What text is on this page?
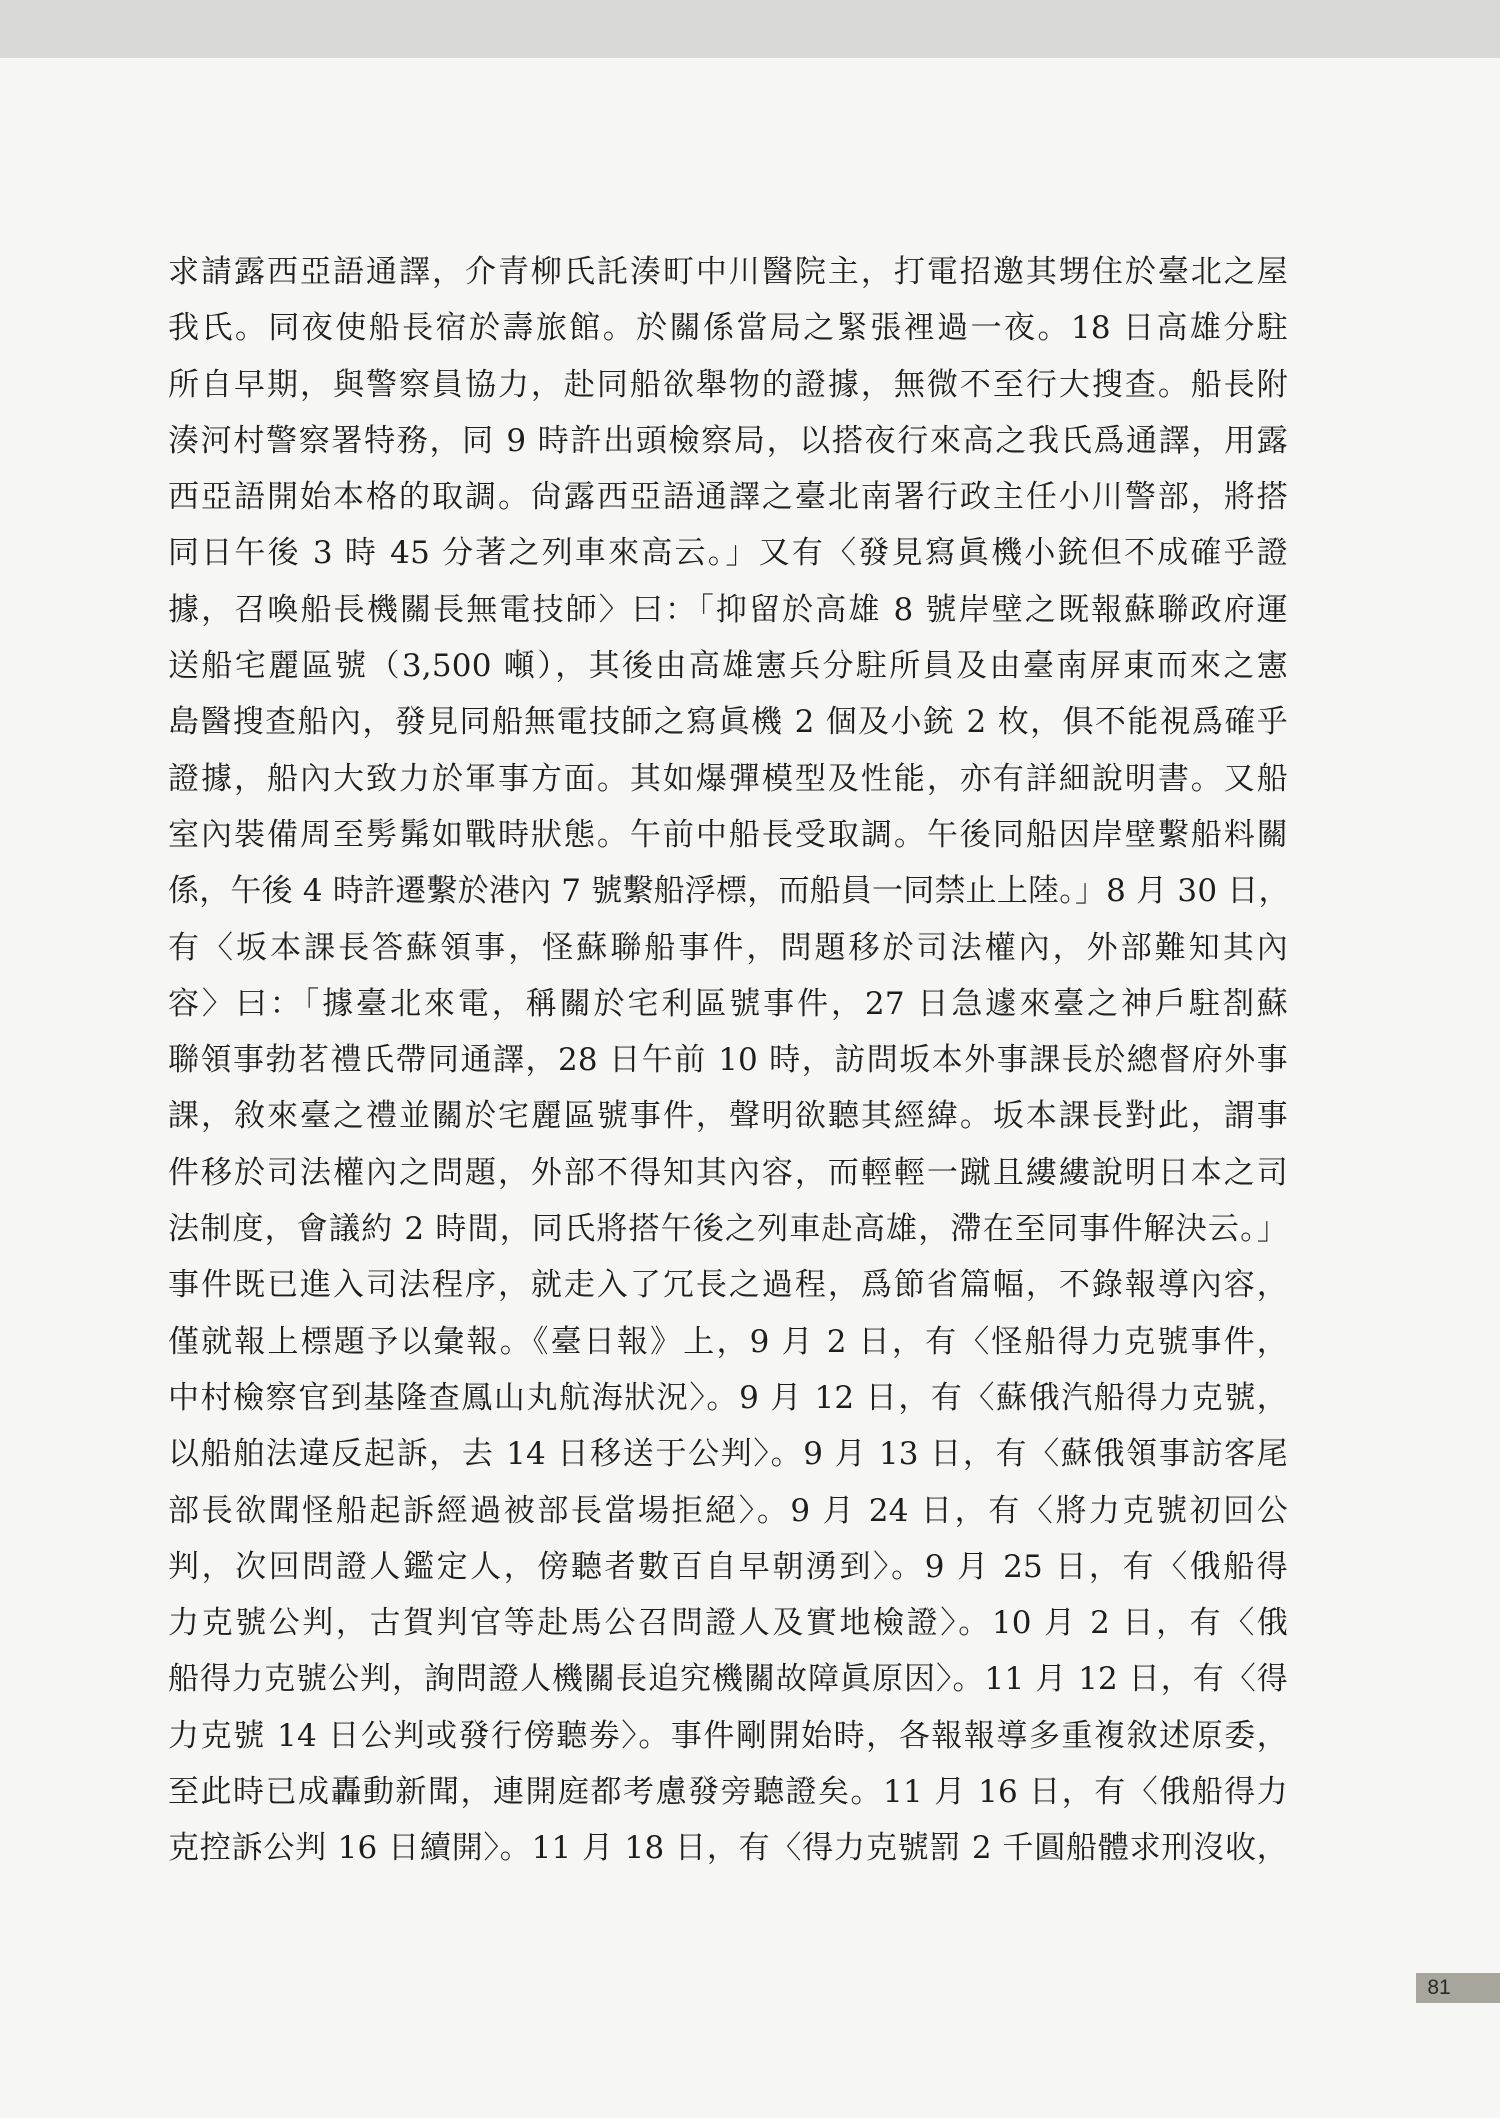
求請露西亞語通譯，介青柳氏託湊町中川醫院主，打電招邀其甥住於臺北之屋
我氏。同夜使船長宿於壽旅館。於關係當局之緊張裡過一夜。18 日高雄分駐
所自早期，與警察員協力，赴同船欲舉物的證據，無微不至行大搜查。船長附
湊河村警察署特務，同 9 時許出頭檢察局，以搭夜行來高之我氏爲通譯，用露
西亞語開始本格的取調。尙露西亞語通譯之臺北南署行政主任小川警部，將搭
同日午後 3 時 45 分著之列車來高云。」又有〈發見寫眞機小銃但不成確乎證
據，召喚船長機關長無電技師〉曰：「抑留於高雄 8 號岸壁之既報蘇聯政府運
送船宅麗區號（3,500 噸），其後由高雄憲兵分駐所員及由臺南屏東而來之憲
島醫搜查船內，發見同船無電技師之寫眞機 2 個及小銃 2 枚，俱不能視爲確乎
證據，船內大致力於軍事方面。其如爆彈模型及性能，亦有詳細說明書。又船
室內裝備周至髣髴如戰時狀態。午前中船長受取調。午後同船因岸壁繫船料關
係，午後 4 時許遷繫於港內 7 號繫船浮標，而船員一同禁止上陸。」8 月 30 日，
有〈坂本課長答蘇領事，怪蘇聯船事件，問題移於司法權內，外部難知其內
容〉曰：「據臺北來電，稱關於宅利區號事件，27 日急遽來臺之神戶駐剳蘇
聯領事勃茗禮氏帶同通譯，28 日午前 10 時，訪問坂本外事課長於總督府外事
課，敘來臺之禮並關於宅麗區號事件，聲明欲聽其經緯。坂本課長對此，謂事
件移於司法權內之問題，外部不得知其內容，而輕輕一蹴且縷縷說明日本之司
法制度，會議約 2 時間，同氏將搭午後之列車赴高雄，滯在至同事件解決云。」
事件既已進入司法程序，就走入了冗長之過程，爲節省篇幅，不錄報導內容，
僅就報上標題予以彙報。《臺日報》上，9 月 2 日，有〈怪船得力克號事件，
中村檢察官到基隆查鳳山丸航海狀況〉。9 月 12 日，有〈蘇俄汽船得力克號，
以船舶法違反起訴，去 14 日移送于公判〉。9 月 13 日，有〈蘇俄領事訪客尾
部長欲聞怪船起訴經過被部長當場拒絕〉。9 月 24 日，有〈將力克號初回公
判，次回問證人鑑定人，傍聽者數百自早朝湧到〉。9 月 25 日，有〈俄船得
力克號公判，古賀判官等赴馬公召問證人及實地檢證〉。10 月 2 日，有〈俄
船得力克號公判，詢問證人機關長追究機關故障眞原因〉。11 月 12 日，有〈得
力克號 14 日公判或發行傍聽劵〉。事件剛開始時，各報報導多重複敘述原委，
至此時已成轟動新聞，連開庭都考慮發旁聽證矣。11 月 16 日，有〈俄船得力
克控訴公判 16 日續開〉。11 月 18 日，有〈得力克號罰 2 千圓船體求刑沒收，
81
